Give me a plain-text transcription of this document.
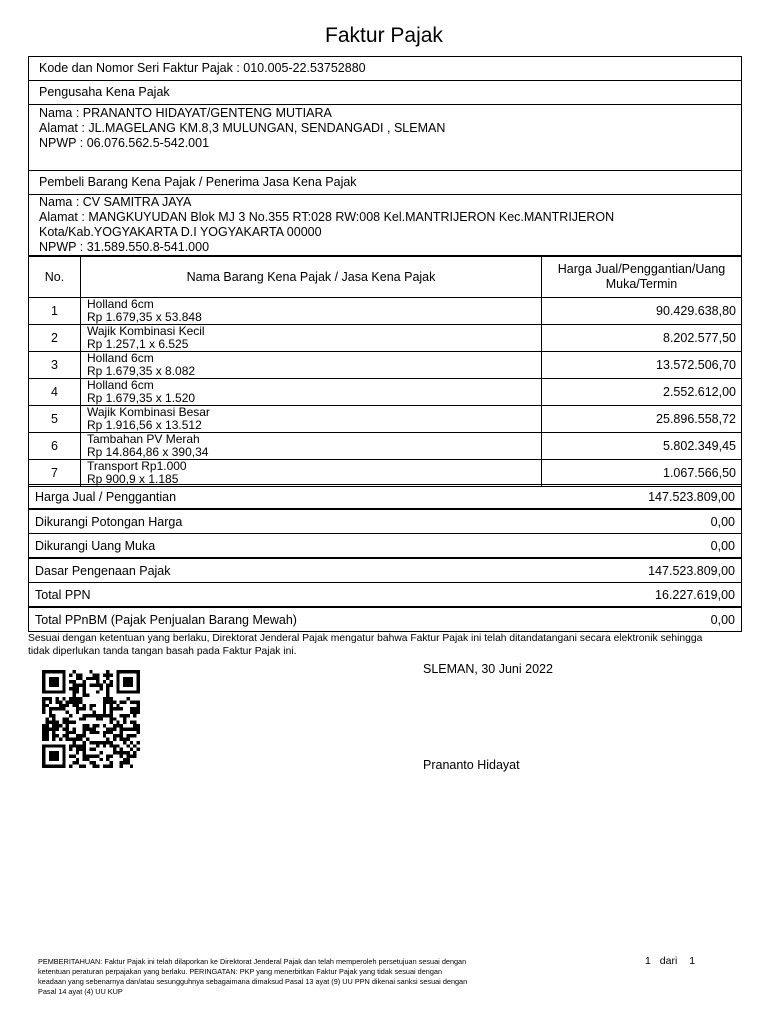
Faktur Pajak
Kode dan Nomor Seri Faktur Pajak : 010.005-22.53752880
Pengusaha Kena Pajak
Nama : PRANANTO HIDAYAT/GENTENG MUTIARA
Alamat : JL.MAGELANG KM.8,3 MULUNGAN, SENDANGADI , SLEMAN
NPWP : 06.076.562.5-542.001
Pembeli Barang Kena Pajak / Penerima Jasa Kena Pajak
Nama : CV SAMITRA JAYA
Alamat : MANGKUYUDAN Blok MJ 3 No.355 RT:028 RW:008 Kel.MANTRIJERON Kec.MANTRIJERON
Kota/Kab.YOGYAKARTA D.I YOGYAKARTA 00000
NPWP : 31.589.550.8-541.000
No.	Nama Barang Kena Pajak / Jasa Kena Pajak	Harga Jual/Penggantian/Uang
Muka/Termin

1	Holland 6cm
Rp 1.679,35 x 53.848	90.429.638,80
2	Wajik Kombinasi Kecil
Rp 1.257,1 x 6.525	8.202.577,50
3	Holland 6cm
Rp 1.679,35 x 8.082	13.572.506,70
4	Holland 6cm
Rp 1.679,35 x 1.520	2.552.612,00
5	Wajik Kombinasi Besar
Rp 1.916,56 x 13.512	25.896.558,72
6	Tambahan PV Merah
Rp 14.864,86 x 390,34	5.802.349,45
7	Transport Rp1.000
Rp 900,9 x 1.185	1.067.566,50
Harga Jual / Penggantian	147.523.809,00
Dikurangi Potongan Harga	0,00
Dikurangi Uang Muka	0,00
Dasar Pengenaan Pajak	147.523.809,00
Total PPN	16.227.619,00
Total PPnBM (Pajak Penjualan Barang Mewah)	0,00
Sesuai dengan ketentuan yang berlaku, Direktorat Jenderal Pajak mengatur bahwa Faktur Pajak ini telah ditandatangani secara elektronik sehingga
tidak diperlukan tanda tangan basah pada Faktur Pajak ini.
SLEMAN, 30 Juni 2022
Prananto Hidayat
PEMBERITAHUAN: Faktur Pajak ini telah dilaporkan ke Direktorat Jenderal Pajak dan telah memperoleh persetujuan sesuai dengan ketentuan peraturan perpajakan yang berlaku. PERINGATAN: PKP yang menerbitkan Faktur Pajak yang tidak sesuai dengan keadaan yang sebenarnya dan/atau sesungguhnya sebagaimana dimaksud Pasal 13 ayat (9) UU PPN dikenai sanksi sesuai dengan Pasal 14 ayat (4) UU KUP
1 dari 1
